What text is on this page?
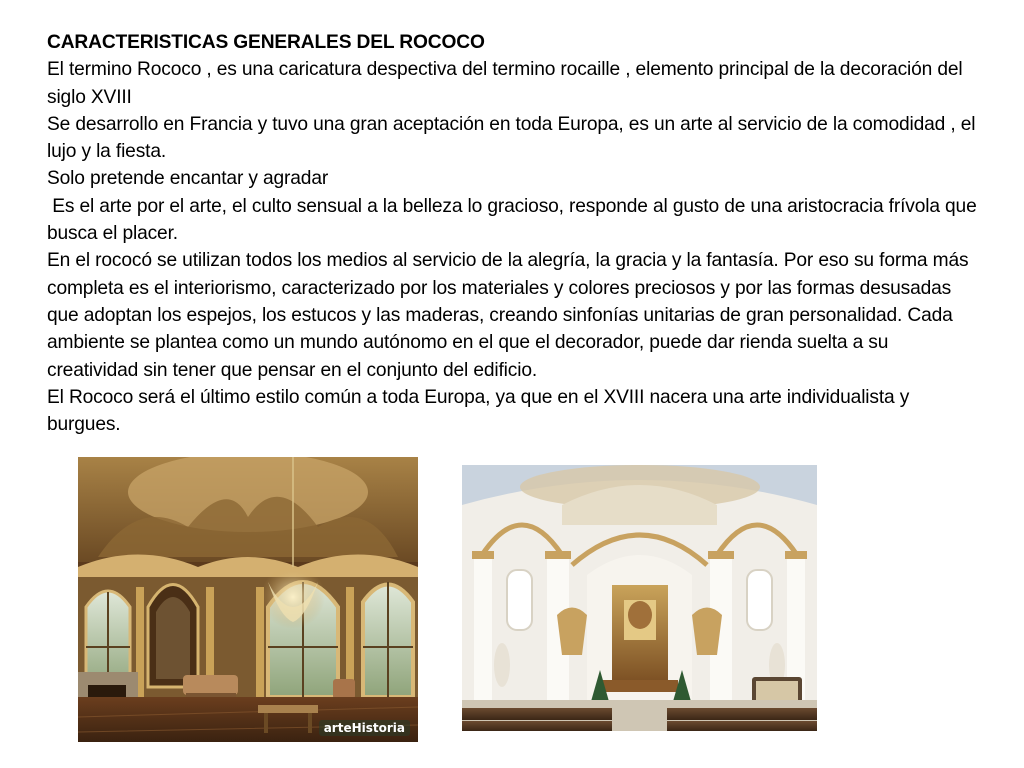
CARACTERISTICAS GENERALES DEL ROCOCO

El termino Rococo , es una caricatura despectiva del termino rocaille , elemento principal de la decoración del siglo XVIII

Se desarrollo en Francia y tuvo una gran aceptación en toda Europa, es un arte al servicio de la comodidad , el lujo y la fiesta.

Solo pretende encantar y agradar

Es el arte por el arte, el culto sensual a la belleza lo gracioso, responde al gusto de una aristocracia frívola que busca el placer.

En el rococó se utilizan todos los medios al servicio de la alegría, la gracia y la fantasía. Por eso su forma más completa es el interiorismo, caracterizado por los materiales y colores preciosos y por las formas desusadas que adoptan los espejos, los estucos y las maderas, creando sinfonías unitarias de gran personalidad. Cada ambiente se plantea como un mundo autónomo en el que el decorador, puede dar rienda suelta a su creatividad sin tener que pensar en el conjunto del edificio.

El Rococo será el último estilo común a toda Europa, ya que en el XVIII nacera una arte individualista y burgues.

arteHistoria
